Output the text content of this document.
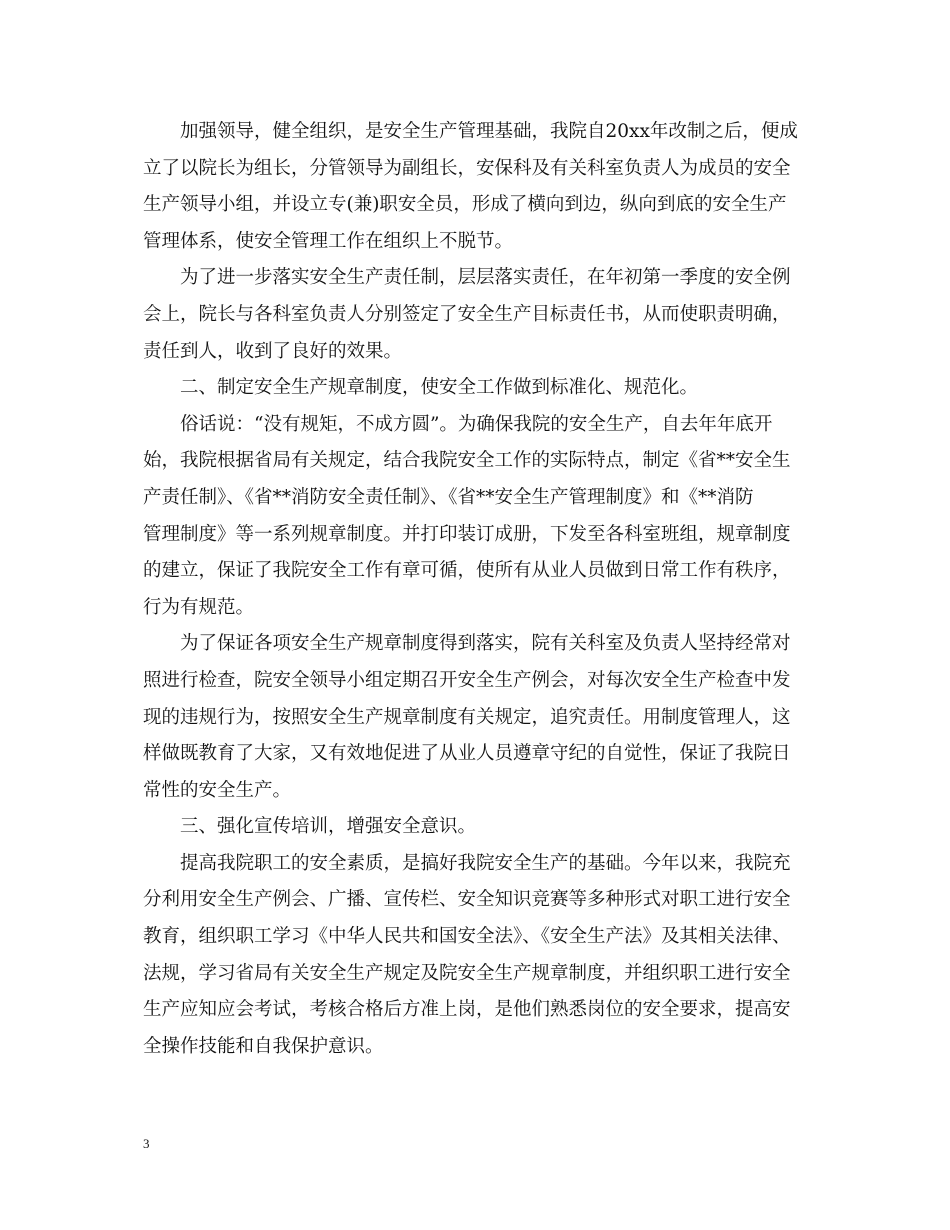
加强领导，健全组织，是安全生产管理基础，我院自20xx年改制之后，便成
立了以院长为组长，分管领导为副组长，安保科及有关科室负责人为成员的安全
生产领导小组，并设立专(兼)职安全员，形成了横向到边，纵向到底的安全生产
管理体系，使安全管理工作在组织上不脱节。
为了进一步落实安全生产责任制，层层落实责任，在年初第一季度的安全例
会上，院长与各科室负责人分别签定了安全生产目标责任书，从而使职责明确，
责任到人，收到了良好的效果。
二、制定安全生产规章制度，使安全工作做到标准化、规范化。
俗话说：“没有规矩，不成方圆”。为确保我院的安全生产，自去年年底开
始，我院根据省局有关规定，结合我院安全工作的实际特点，制定《省**安全生
产责任制》、《省**消防安全责任制》、《省**安全生产管理制度》和《**消防
管理制度》等一系列规章制度。并打印装订成册，下发至各科室班组，规章制度
的建立，保证了我院安全工作有章可循，使所有从业人员做到日常工作有秩序，
行为有规范。
为了保证各项安全生产规章制度得到落实，院有关科室及负责人坚持经常对
照进行检查，院安全领导小组定期召开安全生产例会，对每次安全生产检查中发
现的违规行为，按照安全生产规章制度有关规定，追究责任。用制度管理人，这
样做既教育了大家，又有效地促进了从业人员遵章守纪的自觉性，保证了我院日
常性的安全生产。
三、强化宣传培训，增强安全意识。
提高我院职工的安全素质，是搞好我院安全生产的基础。今年以来，我院充
分利用安全生产例会、广播、宣传栏、安全知识竞赛等多种形式对职工进行安全
教育，组织职工学习《中华人民共和国安全法》、《安全生产法》及其相关法律、
法规，学习省局有关安全生产规定及院安全生产规章制度，并组织职工进行安全
生产应知应会考试，考核合格后方准上岗，是他们熟悉岗位的安全要求，提高安
全操作技能和自我保护意识。
3
